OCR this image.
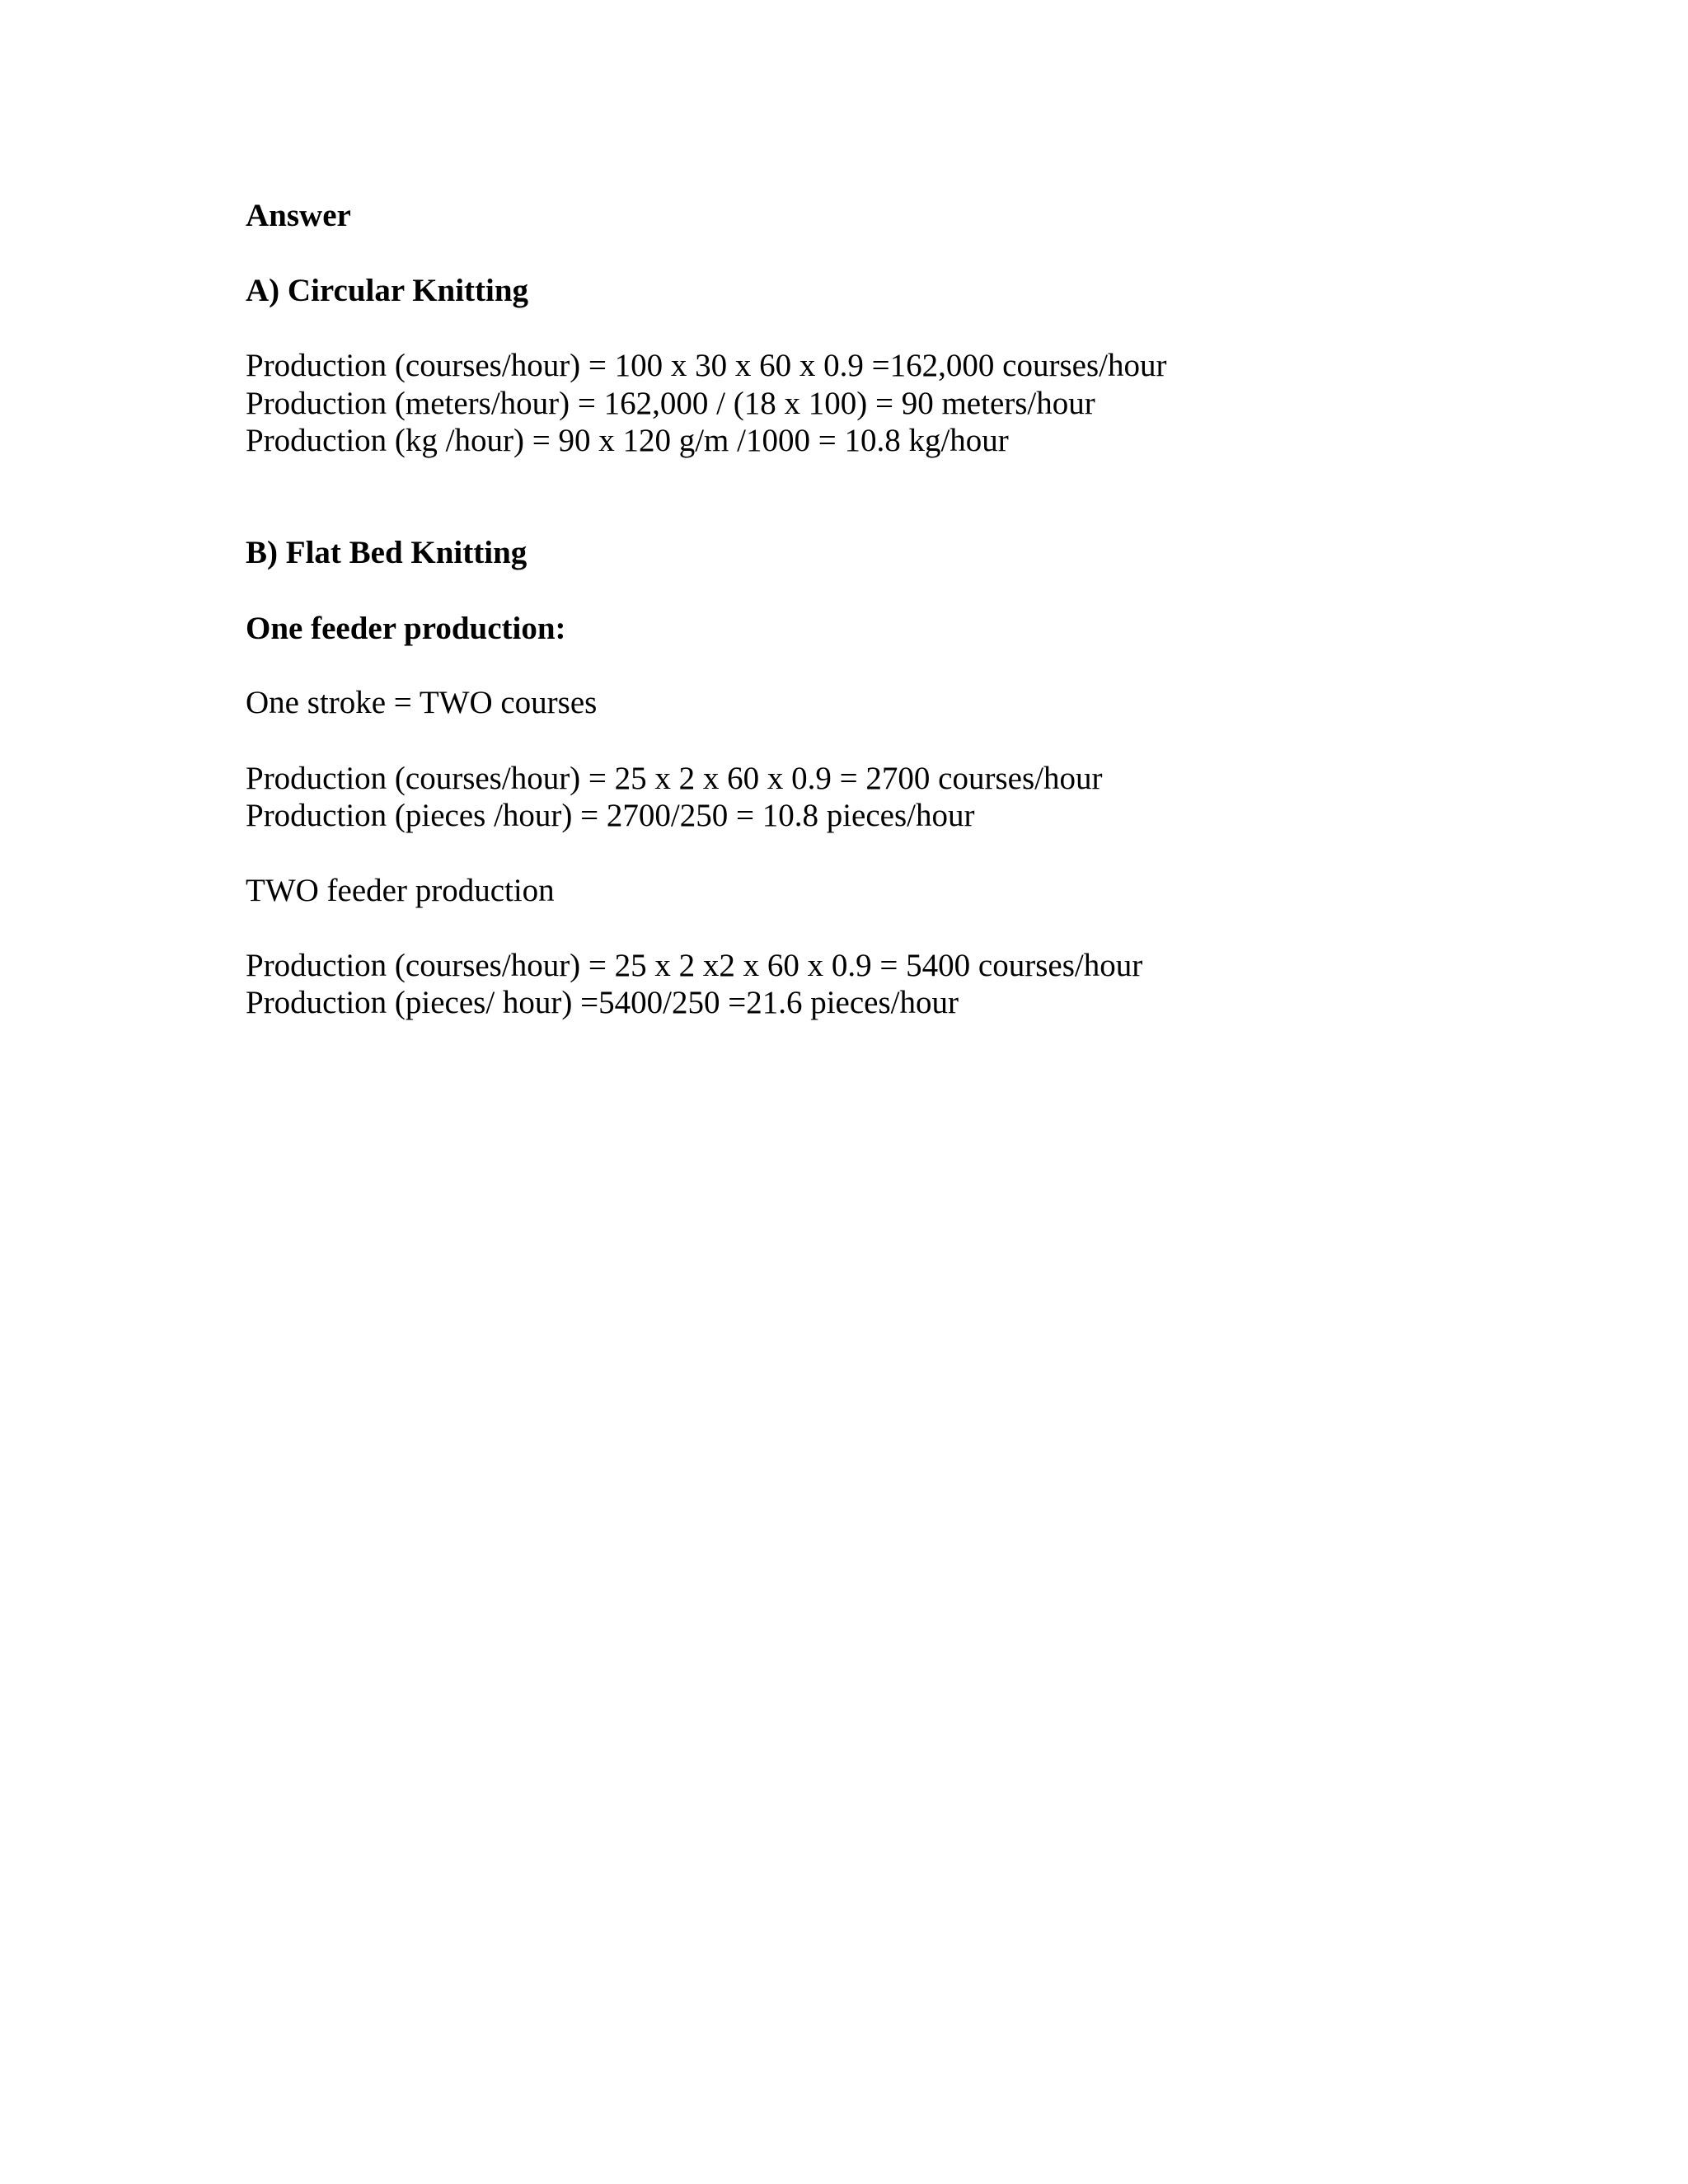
Answer

A) Circular Knitting

Production (courses/hour) = 100 x 30 x 60 x 0.9 =162,000 courses/hour

Production (meters/hour) = 162,000 / (18 x 100) = 90 meters/hour

Production (kg /hour) = 90 x 120 g/m /1000 = 10.8 kg/hour

B) Flat Bed Knitting

One feeder production:

One stroke = TWO courses

Production (courses/hour) = 25 x 2 x 60 x 0.9 = 2700 courses/hour

Production (pieces /hour) = 2700/250 = 10.8 pieces/hour

TWO feeder production

Production (courses/hour) = 25 x 2 x2 x 60 x 0.9 = 5400 courses/hour

Production (pieces/ hour) =5400/250 =21.6 pieces/hour
